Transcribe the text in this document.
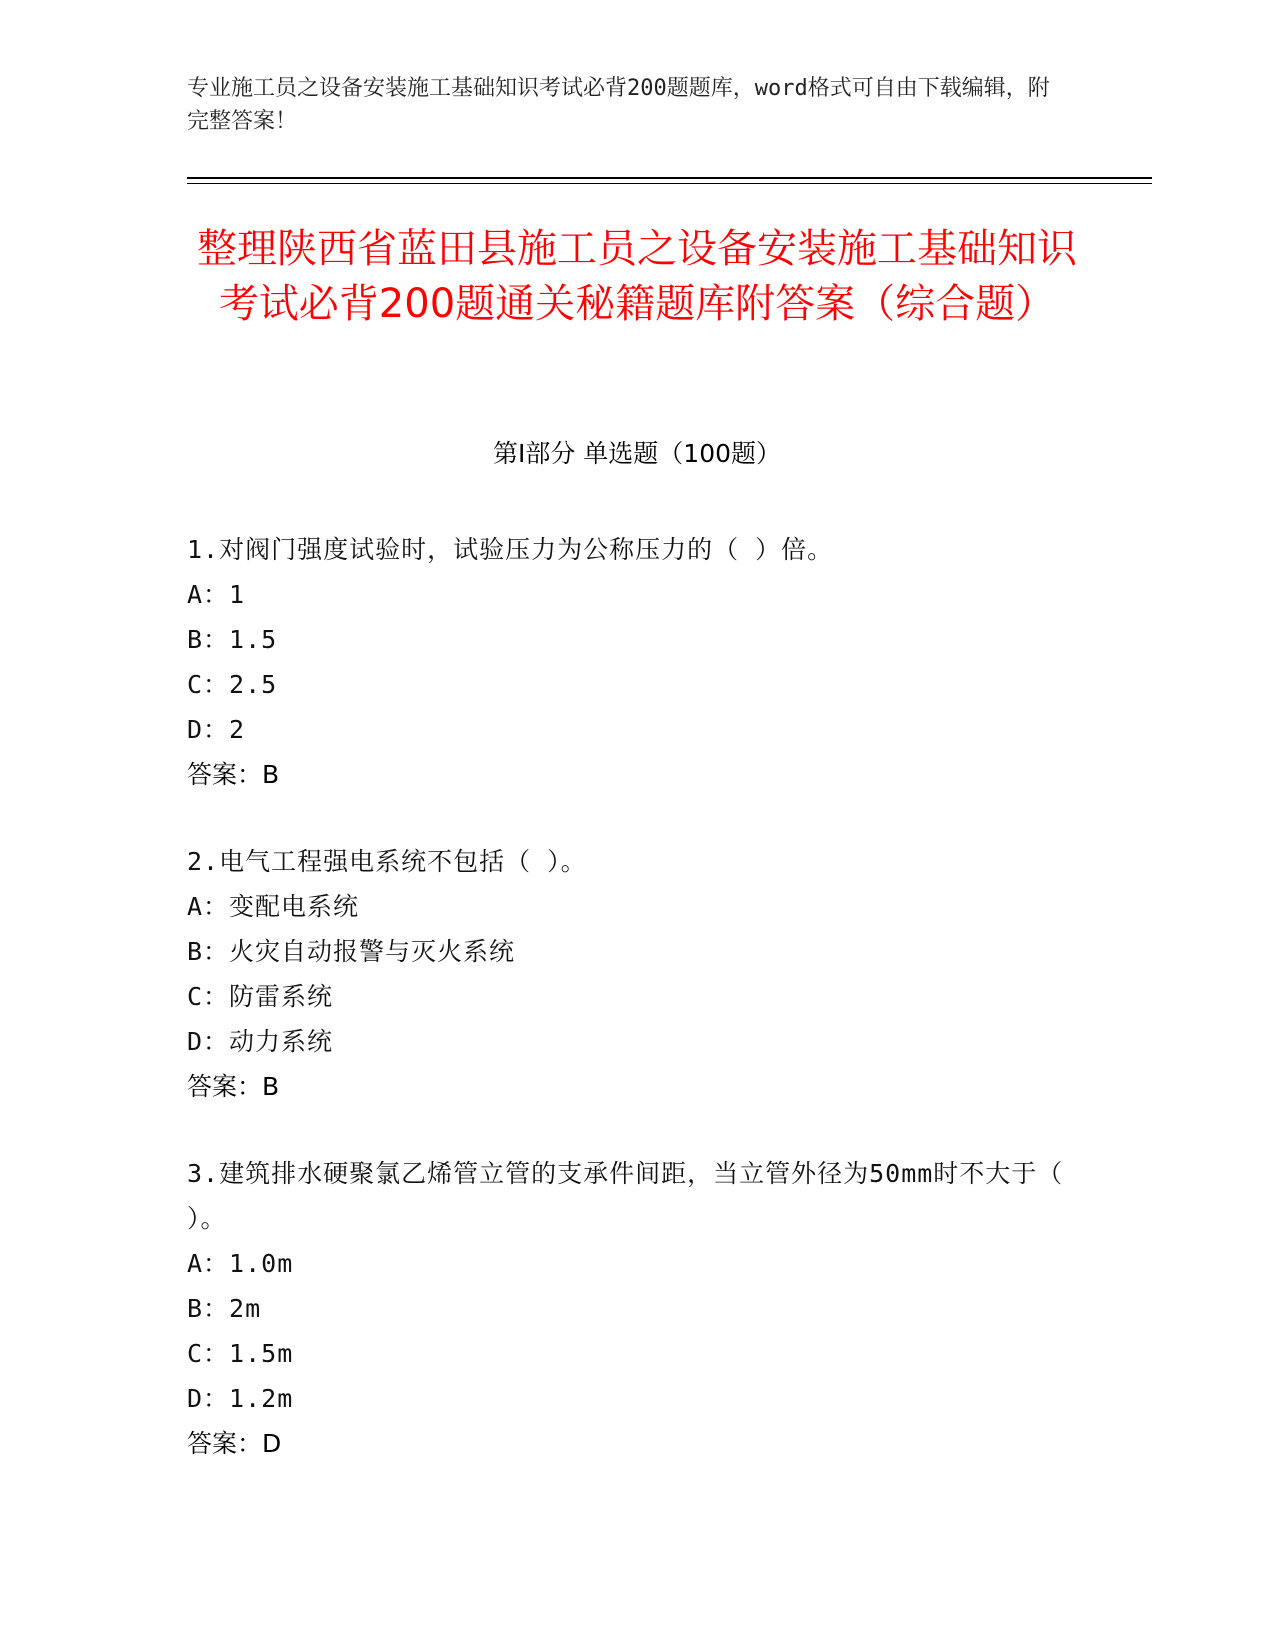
专业施工员之设备安装施工基础知识考试必背200题题库，word格式可自由下载编辑，附完整答案！
整理陕西省蓝田县施工员之设备安装施工基础知识考试必背200题通关秘籍题库附答案（综合题）
第Ⅰ部分 单选题（100题）
1.对阀门强度试验时，试验压力为公称压力的（ ）倍。
A：1
B：1.5
C：2.5
D：2
答案：B
2.电气工程强电系统不包括（ ）。
A：变配电系统
B：火灾自动报警与灭火系统
C：防雷系统
D：动力系统
答案：B
3.建筑排水硬聚氯乙烯管立管的支承件间距，当立管外径为50mm时不大于（ ）。
A：1.0m
B：2m
C：1.5m
D：1.2m
答案：D
